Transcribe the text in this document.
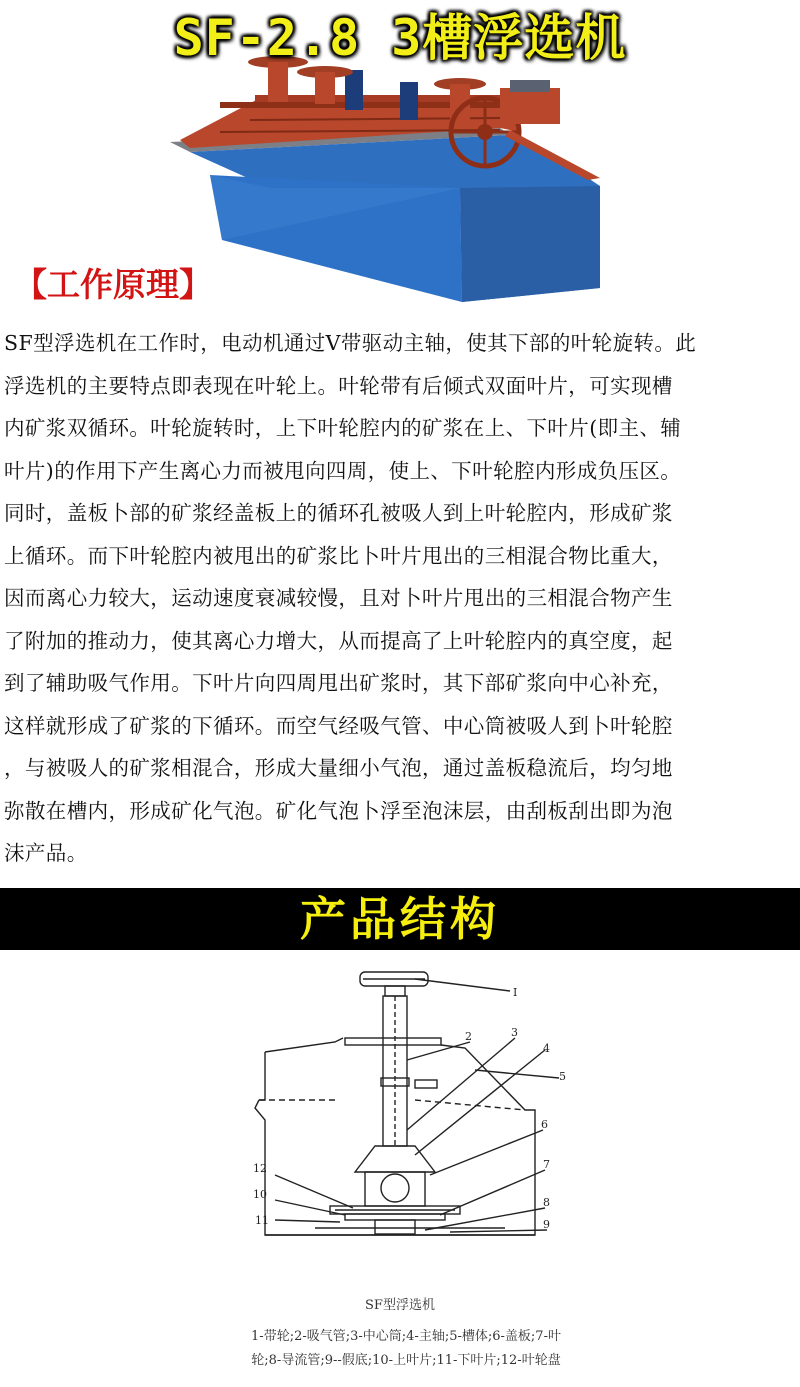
SF-2.8 3槽浮选机
【工作原理】
SF型浮选机在工作时，电动机通过V带驱动主轴，使其下部的叶轮旋转。此
浮选机的主要特点即表现在叶轮上。叶轮带有后倾式双面叶片，可实现槽
内矿浆双循环。叶轮旋转时，上下叶轮腔内的矿浆在上、下叶片(即主、辅
叶片)的作用下产生离心力而被甩向四周，使上、下叶轮腔内形成负压区。
同时，盖板卜部的矿浆经盖板上的循环孔被吸人到上叶轮腔内，形成矿浆
上循环。而下叶轮腔内被甩出的矿浆比卜叶片甩出的三相混合物比重大，
因而离心力较大，运动速度衰减较慢，且对卜叶片甩出的三相混合物产生
了附加的推动力，使其离心力增大，从而提高了上叶轮腔内的真空度，起
到了辅助吸气作用。下叶片向四周甩出矿浆时，其下部矿浆向中心补充，
这样就形成了矿浆的下循环。而空气经吸气管、中心筒被吸人到卜叶轮腔
，与被吸人的矿浆相混合，形成大量细小气泡，通过盖板稳流后，均匀地
弥散在槽内，形成矿化气泡。矿化气泡卜浮至泡沫层，由刮板刮出即为泡
沫产品。
产品结构
I
2	3
4
5
6
7
8
9
10
11
12
SF型浮选机
1-带轮;2-吸气管;3-中心筒;4-主轴;5-槽体;6-盖板;7-叶
轮;8-导流管;9--假底;10-上叶片;11-下叶片;12-叶轮盘
